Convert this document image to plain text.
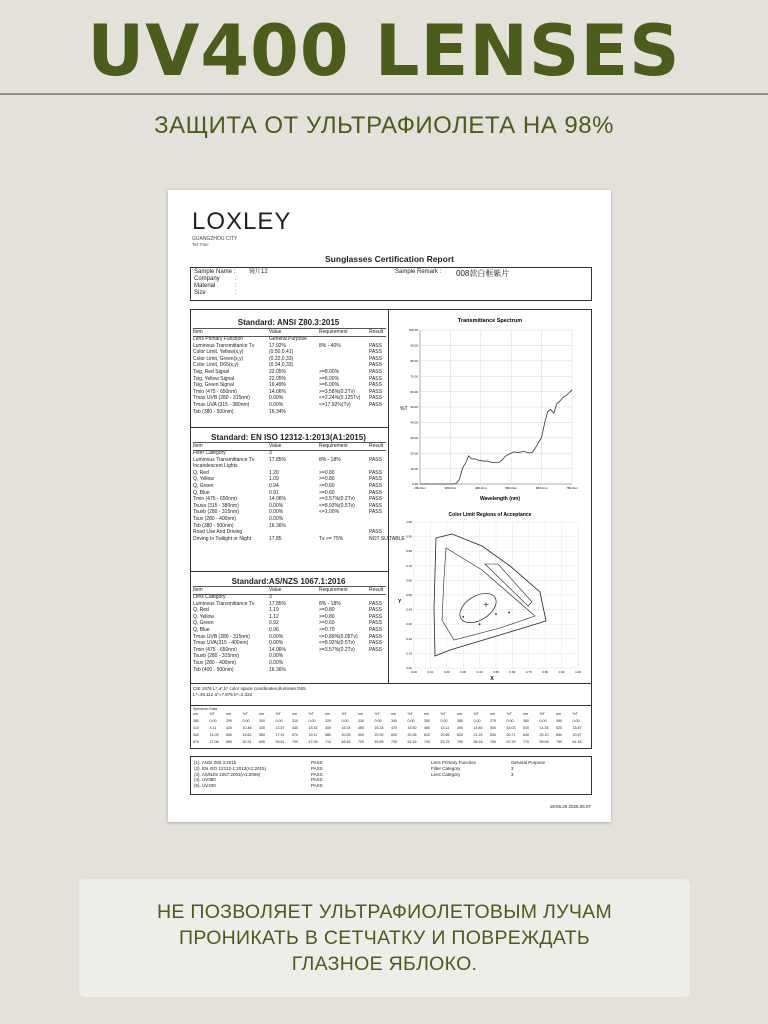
UV400 LENSES
ЗАЩИТА ОТ УЛЬТРАФИОЛЕТА НА 98%
LOXLEY
GUANGZHOU CITY
Tel: Fax:
Sunglasses Certification Report
Sample Name : 镜片12
Company	:
Material	:
Size	:
Sample Remark : 008款白框紫片
Standard: ANSI Z80.3:2015
Item	Value	Requirement	Result
Lens Primary Function	General Purpose
Luminous Transmittance Tv	17.92%	8% - 40%	PASS
Color Limit, Yellow(x,y)	(0.50,0.41)	PASS
Color Limit, Green(x,y)	(0.22,0.33)	PASS
Color Limit, D65(x,y)	(0.34,0.33)	PASS
Tsig, Red Signal	22.05%	>=8.00%	PASS
Tsig, Yellow Signal	22.05%	>=6.00%	PASS
Tsig, Green Signal	16.49%	>=6.00%	PASS
Tmin (475 - 650nm)	14.06%	>=3.58%(0.2Tv)	PASS
Tmax UVB (280 - 315nm)	0.00%	<=2.24%(0.125Tv) PASS
Tmax UVA (315 - 380nm)	0.00%	<=17.92%(Tv)	PASS
Tsb (380 - 500nm)	16.34%
Standard: EN ISO 12312-1:2013(A1:2015)
Item	Value	Requirement	Result
Filter Category	3
Luminous Transmittance Tv	17.85%	8% - 18%	PASS
Incandescent Lights
Q, Red	1.20	>=0.80	PASS
Q, Yellow	1.09	>=0.80	PASS
Q, Green	0.94	>=0.60	PASS
Q, Blue	0.91	>=0.60	PASS
Tmin (475 - 650nm)	14.06%	>=3.57%(0.2Tv)	PASS
Tsuva (315 - 380nm)	0.00%	<=8.93%(0.5Tv)	PASS
Tsuvb (280 - 315nm)	0.00%	<=1.00%	PASS
Tsuv (280 - 400nm)	0.00%
Tsb (380 - 500nm)	16.36%
Road Use And Driving	PASS
Driving In Twilight or Night	17.85	Tv >= 75%	NOT SUITABLE
Standard:AS/NZS 1067.1:2016
Item	Value	Requirement	Result
Lens Category	3
Luminous Transmittance Tv	17.85%	8% - 18%	PASS
Q, Red	1.19	>=0.80	PASS
Q, Yellow	1.12	>=0.80	PASS
Q, Green	0.92	>=0.60	PASS
Q, Blue	0.96	>=0.70	PASS
Tmax UVB (280 - 315nm)	0.00%	<=0.89%(0.05Tv) PASS
Tmax UVA(315 - 400nm)	0.00%	<=8.92%(0.5Tv)	PASS
Tmin (475 - 650nm)	14.06%	>=3.57%(0.2Tv)	PASS
Tsuvb (280 - 315nm)	0.00%
Tsuv (280 - 400nm)	0.00%
Tsb (400 - 500nm)	16.36%
Transmittance Spectrum
%T
Wavelength (nm)
0.00
10.00
20.00
30.00
40.00
50.00
60.00
70.00
80.00
90.00
100.00
280.0nm	380.0nm	480.0nm	580.0nm	680.0nm	780.0nm
Color Limit Regions of Acceptance
Y
X
0.00	0.10	0.20	0.30	0.40	0.50	0.60	0.70	0.80	0.90	1.00
0.00
0.10
0.20
0.30
0.40
0.50
0.60
0.70
0.80
0.90
1.00
CIE 1976 L*,a*,b* color space coordinates,illuminan D65
L*=49.112 a*=7.875 b*=2.322
Spectrum Data
nm	%T	nm	%T	nm	%T	nm	%T	nm	%T	nm	%T	nm	%T	nm	%T	nm	%T	nm	%T	nm	%T	nm	%T
280	0.00	290	0.00	300	0.00	310	0.00	320	0.00	330	0.00	340	0.00	350	0.00	360	0.00	370	0.00	380	0.00	390	0.00
410	3.11	420	10.46 430	13.57 440	18.33 450	16.24 460	16.34 470	15.50 480	15.11 490	14.80 500	15.03 510	14.35 520	13.87
540	14.05 550	15.62 560	17.91 570	19.11 580	20.05 590	20.92 600	20.38 610	20.66 620	21.22 630	20.71 640	20.10 650	20.57
670	27.08 680	30.31 690	39.51 700	47.05 710	48.45 720	45.89 730	52.16 740	53.76 750	56.18 760	57.39 770	59.08 780	61.18
(1). ANSI Z80.3:2015	PASS
(2). EN ISO 12312-1:2013(A1:2015)	PASS
(3). AS/NZS 1067:2003(A1:2009)	PASS
(4). UV380	PASS
(5). UV400	PASS
Lens Primary Function	General Purpose
Filter Category	3
Lens Category	3
18:06:26 2025.05.07
НЕ ПОЗВОЛЯЕТ УЛЬТРАФИОЛЕТОВЫМ ЛУЧАМ
ПРОНИКАТЬ В СЕТЧАТКУ И ПОВРЕЖДАТЬ
ГЛАЗНОЕ ЯБЛОКО.
